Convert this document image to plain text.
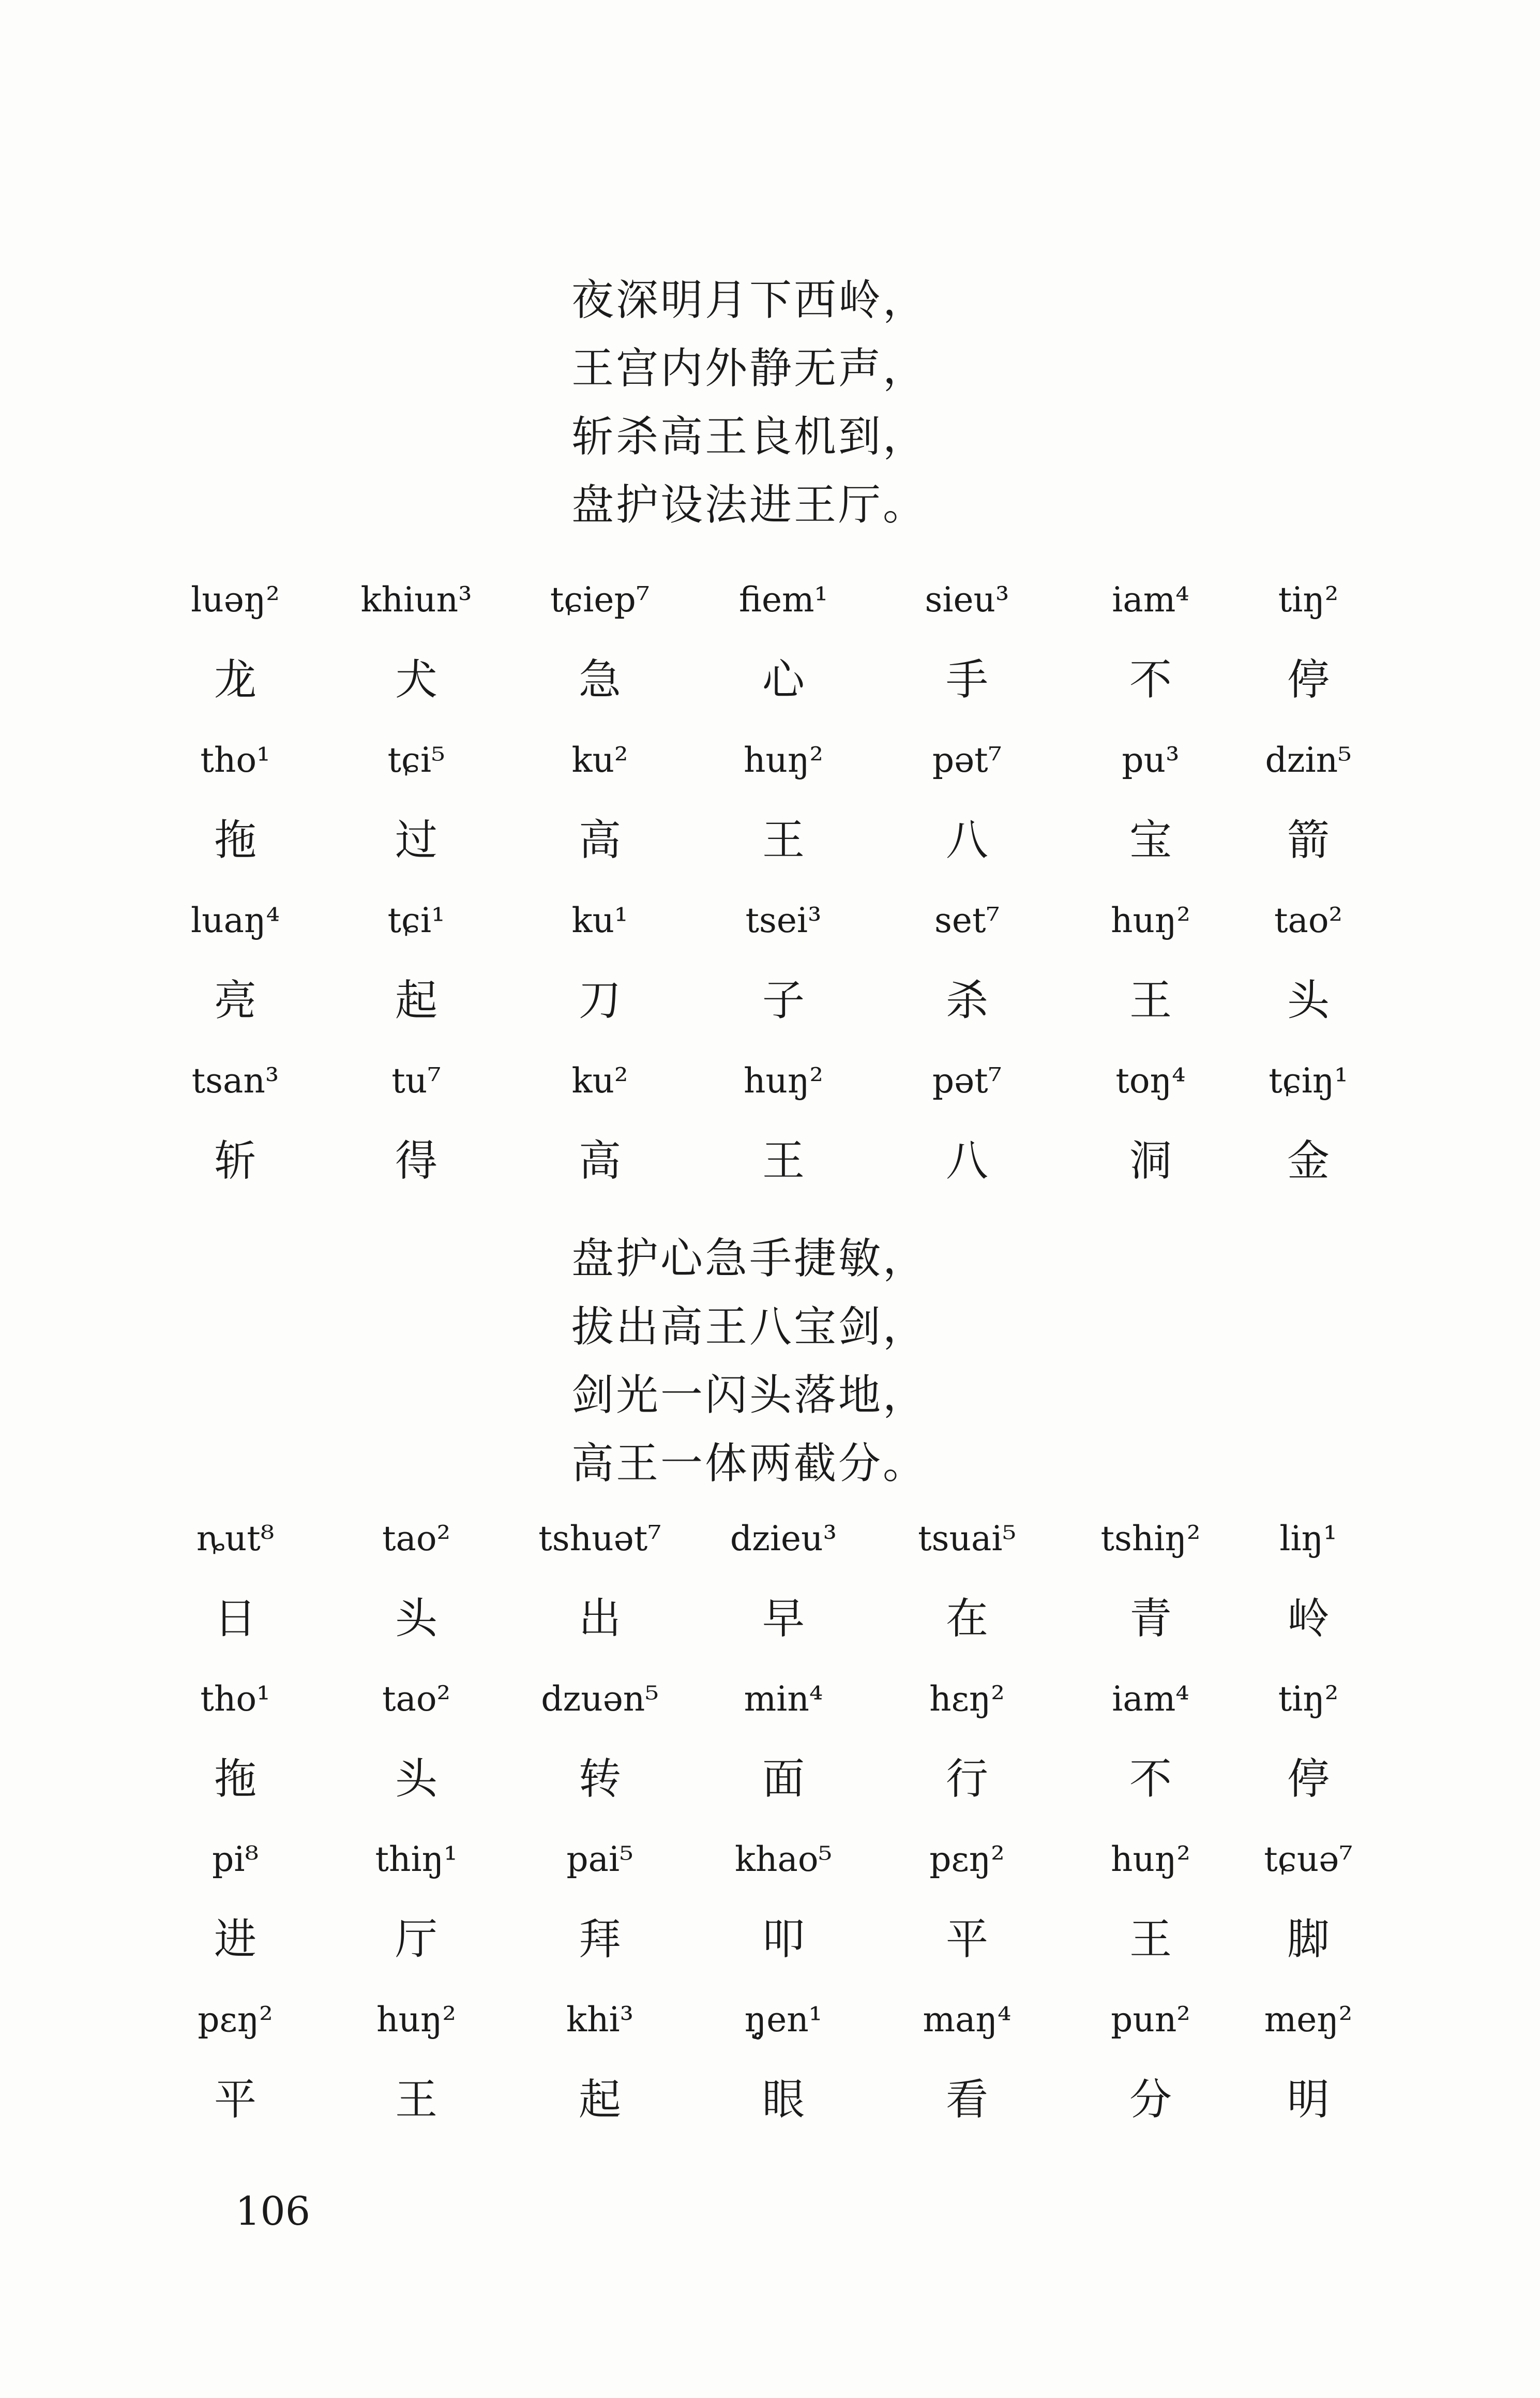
夜深明月下西岭，
王宫内外静无声，
斩杀高王良机到，
盘护设法进王厅。
luəŋ² khiun³ tɕiep⁷	fiem¹	sieu³	iam⁴	tiŋ²
龙	犬	急	心	手	不	停
tho¹	tɕi⁵	ku²	huŋ²	pət⁷	pu³	dzin⁵
拖	过	高	王	八	宝	箭
luaŋ⁴	tɕi¹	ku¹	tsei³	set⁷	huŋ² tao²
亮	起	刀	子	杀	王	头
tsan³	tu⁷	ku²	huŋ²	pət⁷	toŋ⁴ tɕiŋ¹
斩	得	高	王	八	洞	金
盘护心急手捷敏，
拔出高王八宝剑，
剑光一闪头落地，
高王一体两截分。
ȵut⁸	tao²	tshuət⁷ dzieu³ tsuai⁵ tshiŋ² liŋ¹
日	头	出	早	在	青	岭
tho¹	tao²	dzuən⁵ min⁴	hɛŋ²	iam⁴	tiŋ²
拖	头	转	面	行	不	停
pi⁸	thiŋ¹	pai⁵	khao⁵	pɛŋ²	huŋ² tɕuə⁷
进	厅	拜	叩	平	王	脚
pɛŋ²	huŋ²	khi³	ŋ̥en¹	maŋ⁴	pun² meŋ²
平	王	起	眼	看	分	明
106
